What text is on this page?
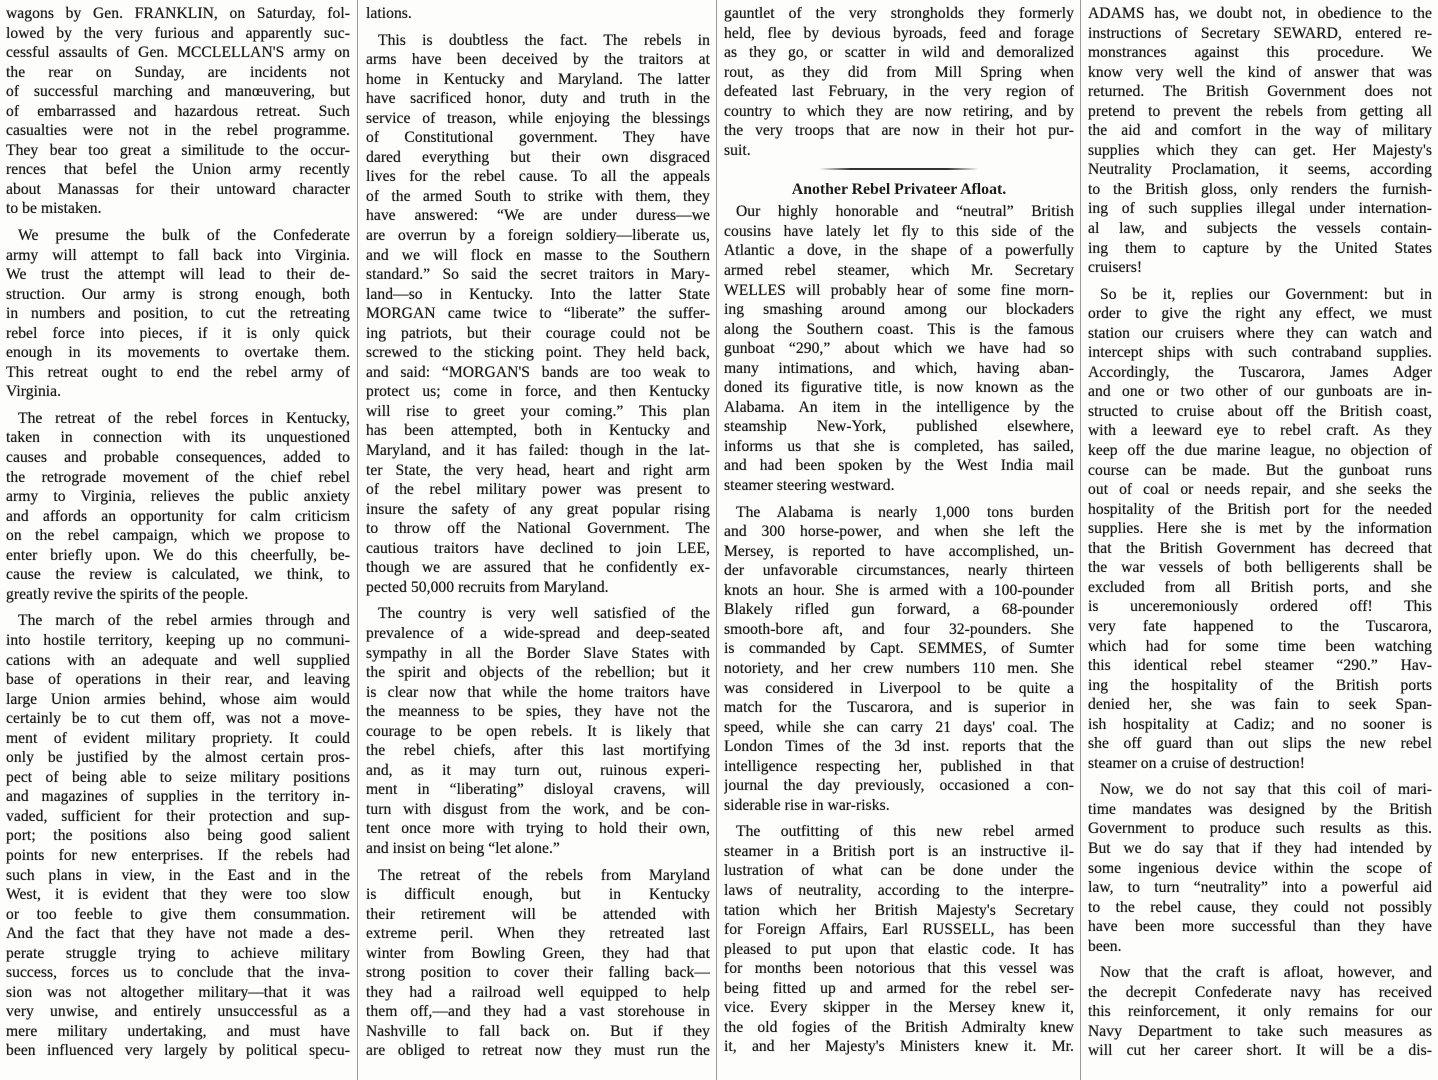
wagons by Gen. FRANKLIN, on Saturday, fol-
lowed by the very furious and apparently suc-
cessful assaults of Gen. MCCLELLAN'S army on
the rear on Sunday, are incidents not
of successful marching and manœuvering, but
of embarrassed and hazardous retreat. Such
casualties were not in the rebel programme.
They bear too great a similitude to the occur-
rences that befel the Union army recently
about Manassas for their untoward character
to be mistaken.
We presume the bulk of the Confederate
army will attempt to fall back into Virginia.
We trust the attempt will lead to their de-
struction. Our army is strong enough, both
in numbers and position, to cut the retreating
rebel force into pieces, if it is only quick
enough in its movements to overtake them.
This retreat ought to end the rebel army of
Virginia.
The retreat of the rebel forces in Kentucky,
taken in connection with its unquestioned
causes and probable consequences, added to
the retrograde movement of the chief rebel
army to Virginia, relieves the public anxiety
and affords an opportunity for calm criticism
on the rebel campaign, which we propose to
enter briefly upon. We do this cheerfully, be-
cause the review is calculated, we think, to
greatly revive the spirits of the people.
The march of the rebel armies through and
into hostile territory, keeping up no communi-
cations with an adequate and well supplied
base of operations in their rear, and leaving
large Union armies behind, whose aim would
certainly be to cut them off, was not a move-
ment of evident military propriety. It could
only be justified by the almost certain pros-
pect of being able to seize military positions
and magazines of supplies in the territory in-
vaded, sufficient for their protection and sup-
port; the positions also being good salient
points for new enterprises. If the rebels had
such plans in view, in the East and in the
West, it is evident that they were too slow
or too feeble to give them consummation.
And the fact that they have not made a des-
perate struggle trying to achieve military
success, forces us to conclude that the inva-
sion was not altogether military—that it was
very unwise, and entirely unsuccessful as a
mere military undertaking, and must have
been influenced very largely by political specu-
lations.
This is doubtless the fact. The rebels in
arms have been deceived by the traitors at
home in Kentucky and Maryland. The latter
have sacrificed honor, duty and truth in the
service of treason, while enjoying the blessings
of Constitutional government. They have
dared everything but their own disgraced
lives for the rebel cause. To all the appeals
of the armed South to strike with them, they
have answered: “We are under duress—we
are overrun by a foreign soldiery—liberate us,
and we will flock en masse to the Southern
standard.” So said the secret traitors in Mary-
land—so in Kentucky. Into the latter State
MORGAN came twice to “liberate” the suffer-
ing patriots, but their courage could not be
screwed to the sticking point. They held back,
and said: “MORGAN'S bands are too weak to
protect us; come in force, and then Kentucky
will rise to greet your coming.” This plan
has been attempted, both in Kentucky and
Maryland, and it has failed: though in the lat-
ter State, the very head, heart and right arm
of the rebel military power was present to
insure the safety of any great popular rising
to throw off the National Government. The
cautious traitors have declined to join LEE,
though we are assured that he confidently ex-
pected 50,000 recruits from Maryland.
The country is very well satisfied of the
prevalence of a wide-spread and deep-seated
sympathy in all the Border Slave States with
the spirit and objects of the rebellion; but it
is clear now that while the home traitors have
the meanness to be spies, they have not the
courage to be open rebels. It is likely that
the rebel chiefs, after this last mortifying
and, as it may turn out, ruinous experi-
ment in “liberating” disloyal cravens, will
turn with disgust from the work, and be con-
tent once more with trying to hold their own,
and insist on being “let alone.”
The retreat of the rebels from Maryland
is difficult enough, but in Kentucky
their retirement will be attended with
extreme peril. When they retreated last
winter from Bowling Green, they had that
strong position to cover their falling back—
they had a railroad well equipped to help
them off,—and they had a vast storehouse in
Nashville to fall back on. But if they
are obliged to retreat now they must run the
gauntlet of the very strongholds they formerly
held, flee by devious byroads, feed and forage
as they go, or scatter in wild and demoralized
rout, as they did from Mill Spring when
defeated last February, in the very region of
country to which they are now retiring, and by
the very troops that are now in their hot pur-
suit.
Another Rebel Privateer Afloat.
Our highly honorable and “neutral” British
cousins have lately let fly to this side of the
Atlantic a dove, in the shape of a powerfully
armed rebel steamer, which Mr. Secretary
WELLES will probably hear of some fine morn-
ing smashing around among our blockaders
along the Southern coast. This is the famous
gunboat “290,” about which we have had so
many intimations, and which, having aban-
doned its figurative title, is now known as the
Alabama. An item in the intelligence by the
steamship New-York, published elsewhere,
informs us that she is completed, has sailed,
and had been spoken by the West India mail
steamer steering westward.
The Alabama is nearly 1,000 tons burden
and 300 horse-power, and when she left the
Mersey, is reported to have accomplished, un-
der unfavorable circumstances, nearly thirteen
knots an hour. She is armed with a 100-pounder
Blakely rifled gun forward, a 68-pounder
smooth-bore aft, and four 32-pounders. She
is commanded by Capt. SEMMES, of Sumter
notoriety, and her crew numbers 110 men. She
was considered in Liverpool to be quite a
match for the Tuscarora, and is superior in
speed, while she can carry 21 days' coal. The
London Times of the 3d inst. reports that the
intelligence respecting her, published in that
journal the day previously, occasioned a con-
siderable rise in war-risks.
The outfitting of this new rebel armed
steamer in a British port is an instructive il-
lustration of what can be done under the
laws of neutrality, according to the interpre-
tation which her British Majesty's Secretary
for Foreign Affairs, Earl RUSSELL, has been
pleased to put upon that elastic code. It has
for months been notorious that this vessel was
being fitted up and armed for the rebel ser-
vice. Every skipper in the Mersey knew it,
the old fogies of the British Admiralty knew
it, and her Majesty's Ministers knew it. Mr.
ADAMS has, we doubt not, in obedience to the
instructions of Secretary SEWARD, entered re-
monstrances against this procedure. We
know very well the kind of answer that was
returned. The British Government does not
pretend to prevent the rebels from getting all
the aid and comfort in the way of military
supplies which they can get. Her Majesty's
Neutrality Proclamation, it seems, according
to the British gloss, only renders the furnish-
ing of such supplies illegal under internation-
al law, and subjects the vessels contain-
ing them to capture by the United States
cruisers!
So be it, replies our Government: but in
order to give the right any effect, we must
station our cruisers where they can watch and
intercept ships with such contraband supplies.
Accordingly, the Tuscarora, James Adger
and one or two other of our gunboats are in-
structed to cruise about off the British coast,
with a leeward eye to rebel craft. As they
keep off the due marine league, no objection of
course can be made. But the gunboat runs
out of coal or needs repair, and she seeks the
hospitality of the British port for the needed
supplies. Here she is met by the information
that the British Government has decreed that
the war vessels of both belligerents shall be
excluded from all British ports, and she
is unceremoniously ordered off! This
very fate happened to the Tuscarora,
which had for some time been watching
this identical rebel steamer “290.” Hav-
ing the hospitality of the British ports
denied her, she was fain to seek Span-
ish hospitality at Cadiz; and no sooner is
she off guard than out slips the new rebel
steamer on a cruise of destruction!
Now, we do not say that this coil of mari-
time mandates was designed by the British
Government to produce such results as this.
But we do say that if they had intended by
some ingenious device within the scope of
law, to turn “neutrality” into a powerful aid
to the rebel cause, they could not possibly
have been more successful than they have
been.
Now that the craft is afloat, however, and
the decrepit Confederate navy has received
this reinforcement, it only remains for our
Navy Department to take such measures as
will cut her career short. It will be a dis-
